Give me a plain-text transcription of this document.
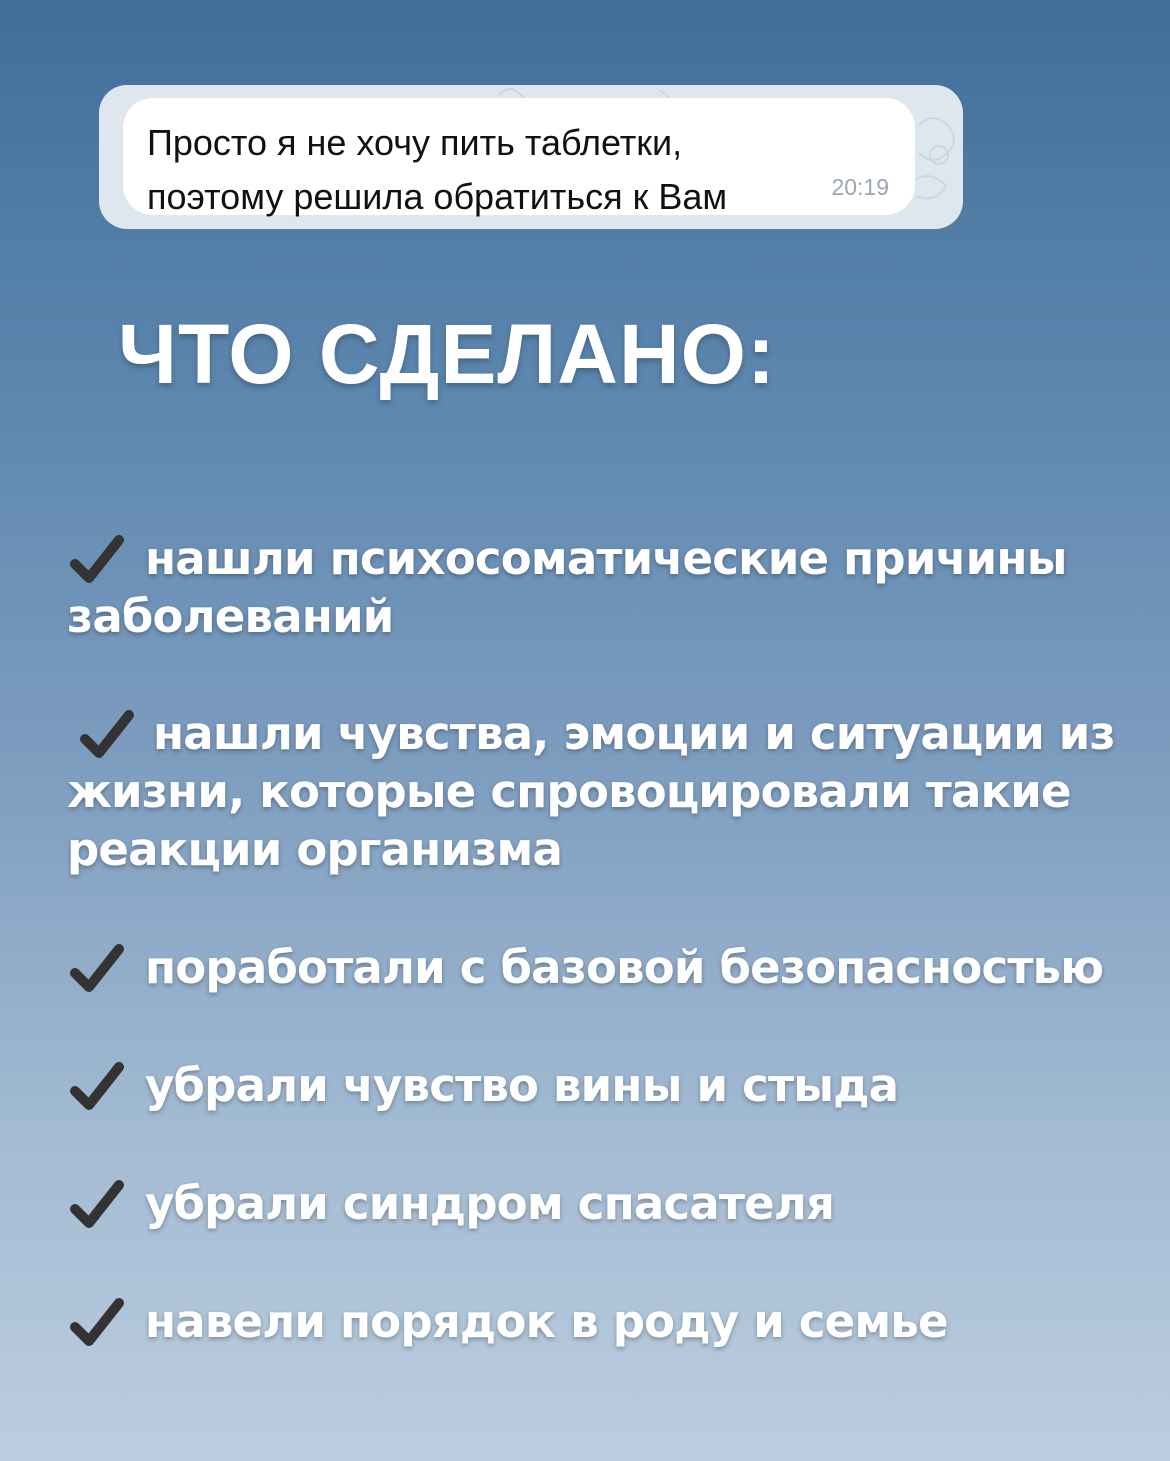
Просто я не хочу пить таблетки,
поэтому решила обратиться к Вам	20:19
ЧТО СДЕЛАНО:

нашли психосоматические причины заболеваний

нашли чувства, эмоции и ситуации из жизни, которые спровоцировали такие реакции организма

поработали с базовой безопасностью

убрали чувство вины и стыда

убрали синдром спасателя

навели порядок в роду и семье
